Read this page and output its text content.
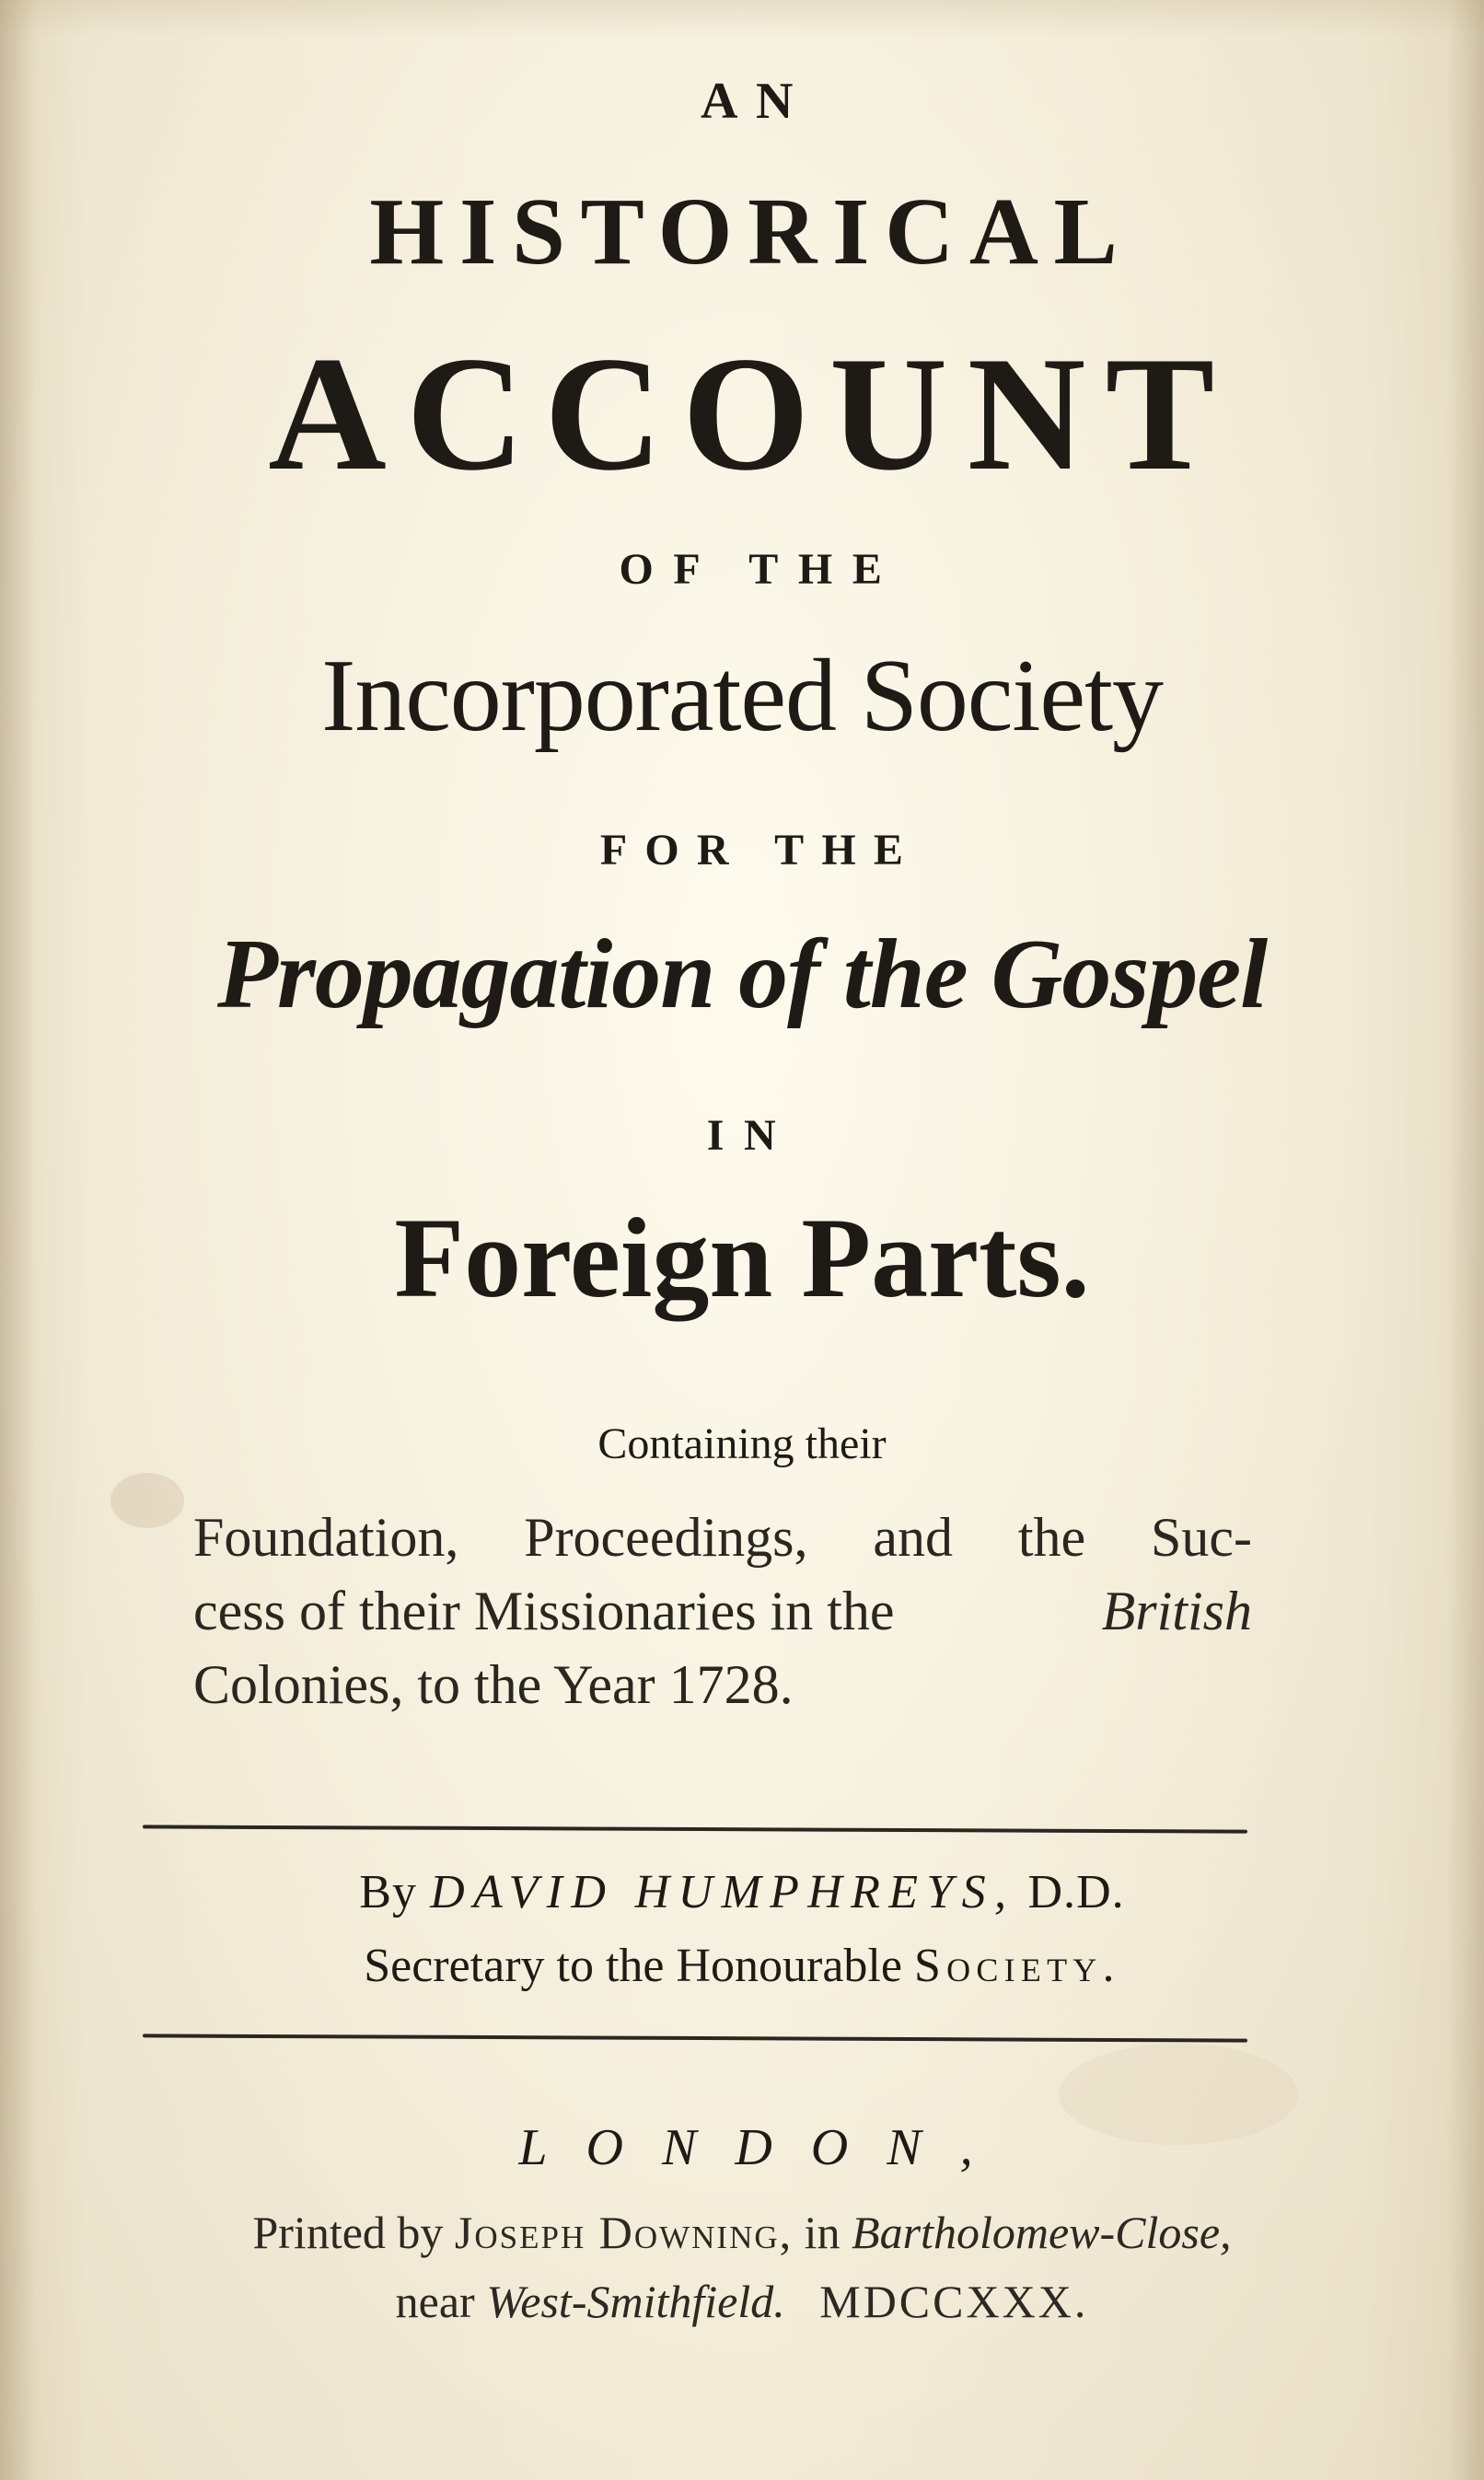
AN
HISTORICAL
ACCOUNT
OF THE
Incorporated Society
FOR THE
Propagation of the Gospel
IN
Foreign Parts.
Containing their
Foundation, Proceedings, and the Suc-
cess of their Missionaries in the	British
Colonies, to the Year 1728.
By DAVID HUMPHREYS, D.D.
Secretary to the Honourable Society.
LONDON,
Printed by Joseph Downing, in Bartholomew-Close,
near West-Smithfield. MDCCXXX.
